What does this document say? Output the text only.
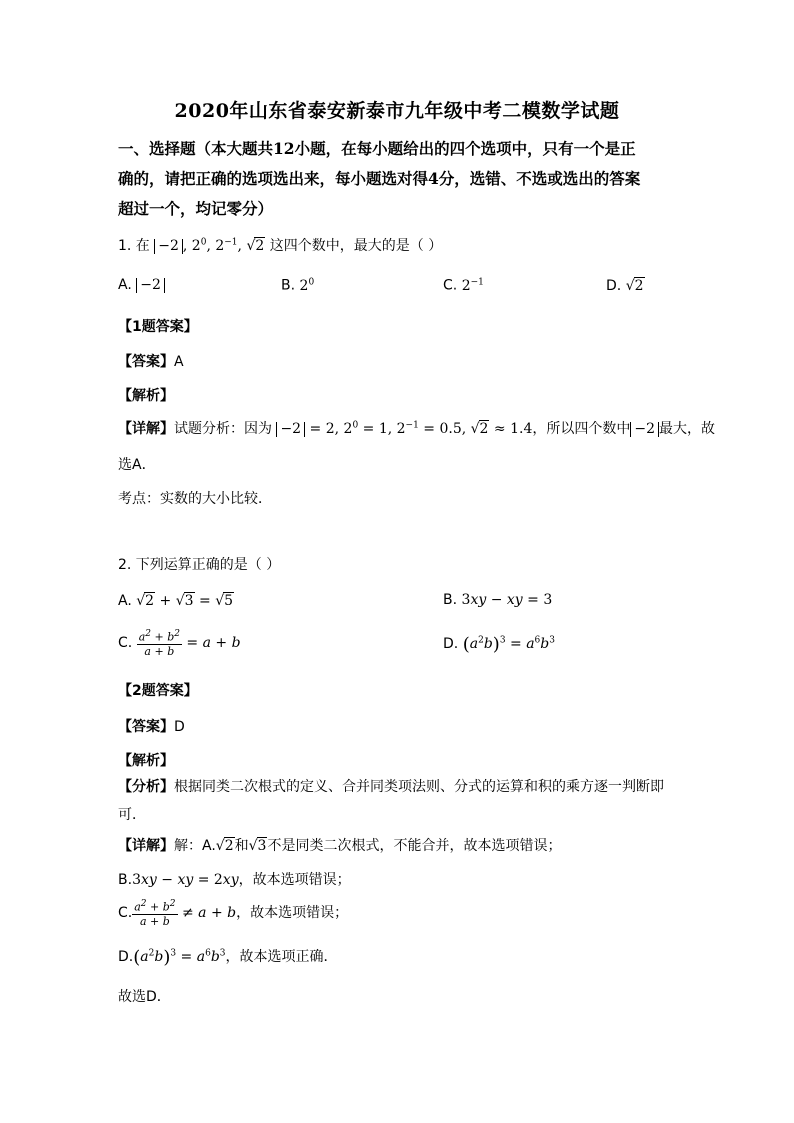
2020年山东省泰安新泰市九年级中考二模数学试题
一、选择题（本大题共12小题，在每小题给出的四个选项中，只有一个是正
确的，请把正确的选项选出来，每小题选对得4分，选错、不选或选出的答案
超过一个，均记零分）
1. 在 −2 , $2^0$, $2^{-1}$, √2 这四个数中，最大的是（ ）
A. −2	B. $2^0$	C. $2^{-1}$	D. √2
【1题答案】
【答案】A
【解析】
【详解】试题分析：因为 −2 = 2, $2^0 = 1$, $2^{-1} = 0.5$, √2 ≈ 1.4，所以四个数中 −2 最大，故
选A．
考点：实数的大小比较．
2. 下列运算正确的是（ ）
A. √2 + √3 = √5	B. 3xy − xy = 3
C. $\frac{a^2 + b^2}{a + b} = a + b$	D. $(a^2b)^3 = a^6b^3$
【2题答案】
【答案】D
【解析】
【分析】根据同类二次根式的定义、合并同类项法则、分式的运算和积的乘方逐一判断即
可．
【详解】解：A.√2和√3不是同类二次根式，不能合并，故本选项错误；
B.3xy − xy = 2xy，故本选项错误；
C. $\frac{a^2 + b^2}{a + b} \ne a + b$，故本选项错误；
$D.(a^2b)^3 = a^6b^3$，故本选项正确．
故选D．
